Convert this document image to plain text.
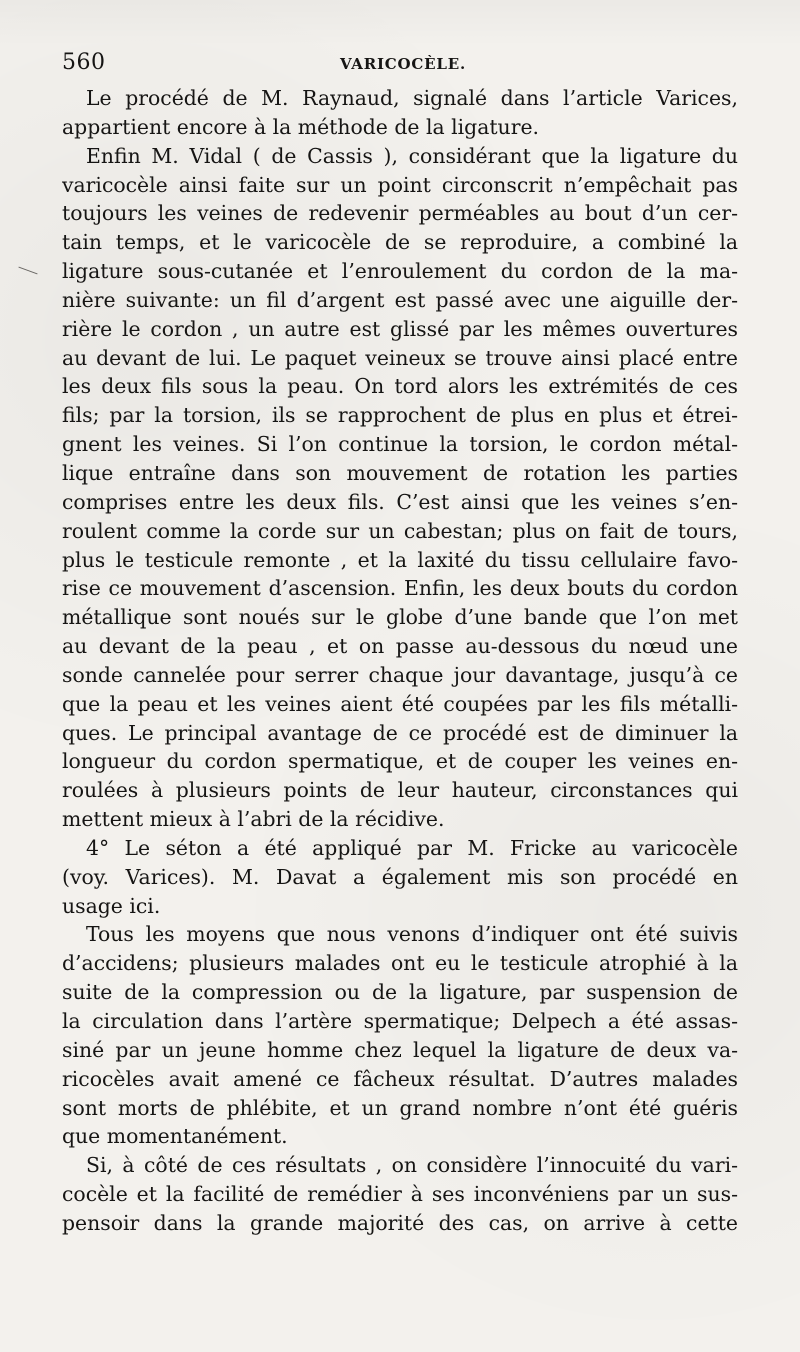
560	VARICOCÈLE.
Le procédé de M. Raynaud, signalé dans l’article Varices,
appartient encore à la méthode de la ligature.
Enfin M. Vidal ( de Cassis ), considérant que la ligature du
varicocèle ainsi faite sur un point circonscrit n’empêchait pas
toujours les veines de redevenir perméables au bout d’un cer-
tain temps, et le varicocèle de se reproduire, a combiné la
ligature sous-cutanée et l’enroulement du cordon de la ma-
nière suivante: un fil d’argent est passé avec une aiguille der-
rière le cordon , un autre est glissé par les mêmes ouvertures
au devant de lui. Le paquet veineux se trouve ainsi placé entre
les deux fils sous la peau. On tord alors les extrémités de ces
fils; par la torsion, ils se rapprochent de plus en plus et étrei-
gnent les veines. Si l’on continue la torsion, le cordon métal-
lique entraîne dans son mouvement de rotation les parties
comprises entre les deux fils. C’est ainsi que les veines s’en-
roulent comme la corde sur un cabestan; plus on fait de tours,
plus le testicule remonte , et la laxité du tissu cellulaire favo-
rise ce mouvement d’ascension. Enfin, les deux bouts du cordon
métallique sont noués sur le globe d’une bande que l’on met
au devant de la peau , et on passe au-dessous du nœud une
sonde cannelée pour serrer chaque jour davantage, jusqu’à ce
que la peau et les veines aient été coupées par les fils métalli-
ques. Le principal avantage de ce procédé est de diminuer la
longueur du cordon spermatique, et de couper les veines en-
roulées à plusieurs points de leur hauteur, circonstances qui
mettent mieux à l’abri de la récidive.
4° Le séton a été appliqué par M. Fricke au varicocèle
(voy. Varices). M. Davat a également mis son procédé en
usage ici.
Tous les moyens que nous venons d’indiquer ont été suivis
d’accidens; plusieurs malades ont eu le testicule atrophié à la
suite de la compression ou de la ligature, par suspension de
la circulation dans l’artère spermatique; Delpech a été assas-
siné par un jeune homme chez lequel la ligature de deux va-
ricocèles avait amené ce fâcheux résultat. D’autres malades
sont morts de phlébite, et un grand nombre n’ont été guéris
que momentanément.
Si, à côté de ces résultats , on considère l’innocuité du vari-
cocèle et la facilité de remédier à ses inconvéniens par un sus-
pensoir dans la grande majorité des cas, on arrive à cette
